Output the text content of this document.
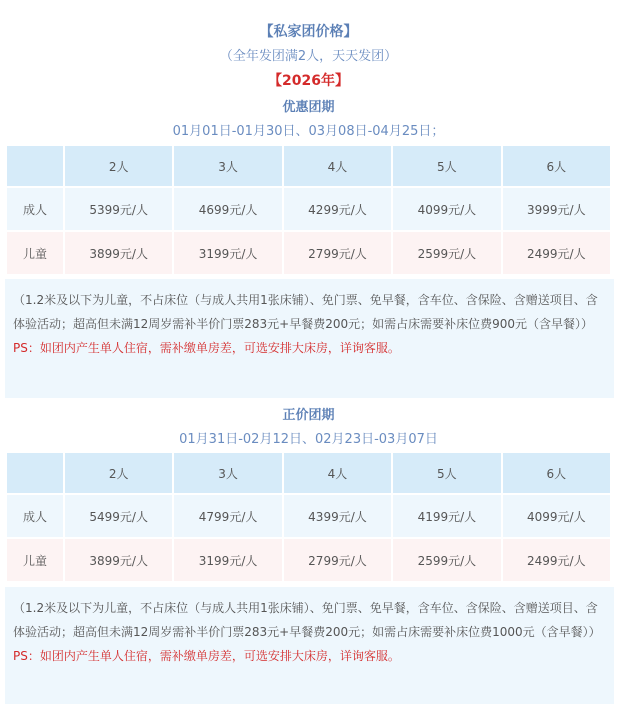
【私家团价格】
（全年发团满2人，天天发团）
【2026年】
优惠团期
01月01日-01月30日、03月08日-04月25日；
	2人	3人	4人	5人	6人
成人	5399元/人	4699元/人	4299元/人	4099元/人	3999元/人
儿童	3899元/人	3199元/人	2799元/人	2599元/人	2499元/人
（1.2米及以下为儿童，不占床位（与成人共用1张床铺）、免门票、免早餐，含车位、含保险、含赠送项目、含体验活动；超高但未满12周岁需补半价门票283元+早餐费200元；如需占床需要补床位费900元（含早餐））
PS：如团内产生单人住宿，需补缴单房差，可选安排大床房，详询客服。
正价团期
01月31日-02月12日、02月23日-03月07日
	2人	3人	4人	5人	6人
成人	5499元/人	4799元/人	4399元/人	4199元/人	4099元/人
儿童	3899元/人	3199元/人	2799元/人	2599元/人	2499元/人
（1.2米及以下为儿童，不占床位（与成人共用1张床铺）、免门票、免早餐，含车位、含保险、含赠送项目、含体验活动；超高但未满12周岁需补半价门票283元+早餐费200元；如需占床需要补床位费1000元（含早餐））
PS：如团内产生单人住宿，需补缴单房差，可选安排大床房，详询客服。
